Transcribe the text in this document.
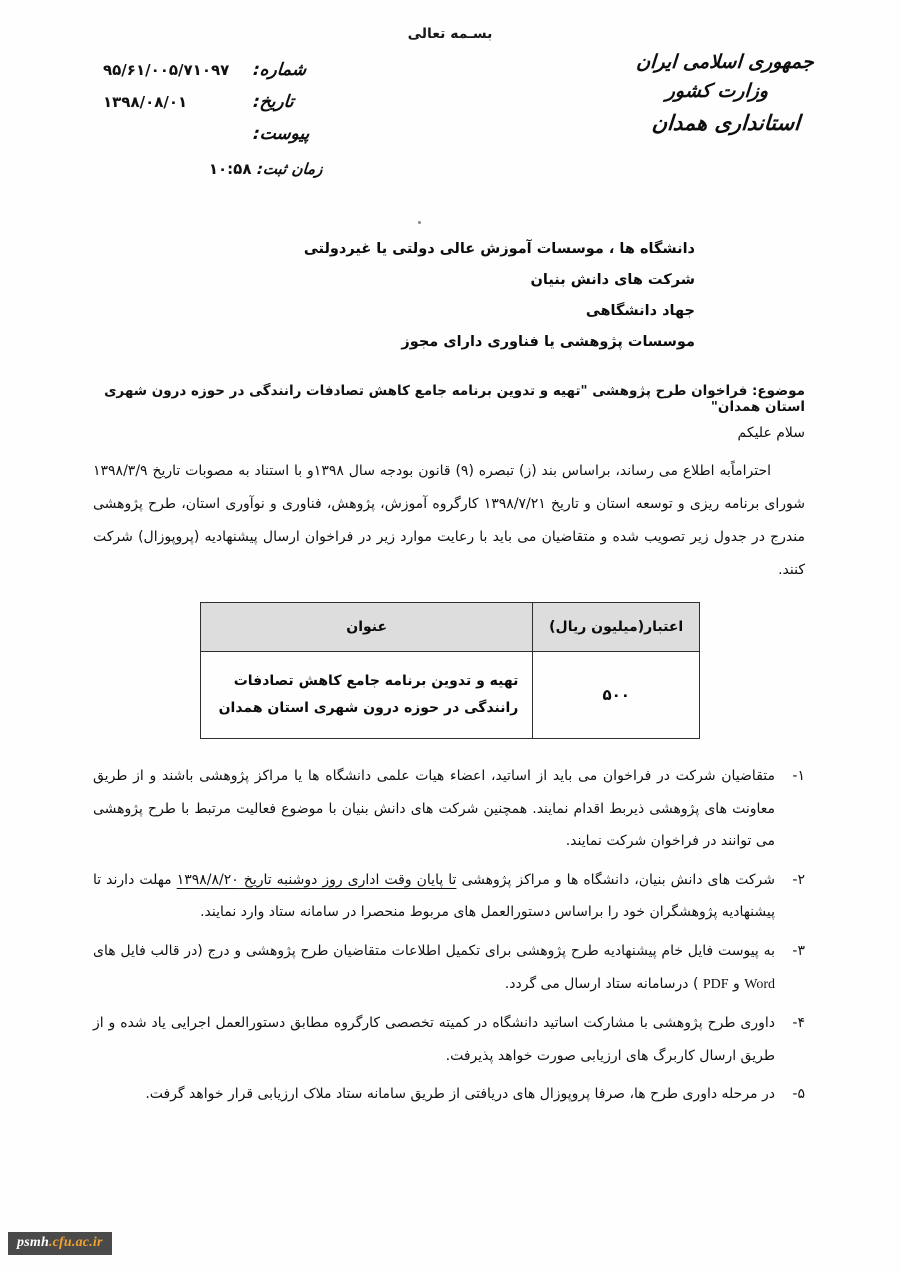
بسـمه تعالی
جمهوری اسلامی ایران
وزارت کشور
استانداری همدان
شماره:
۹۵/۶۱/۰۰۵/۷۱۰۹۷
تاریخ:
۱۳۹۸/۰۸/۰۱
پیوست:
زمان ثبت:
۱۰:۵۸
دانشگاه ها ، موسسات آموزش عالی دولتی یا غیردولتی
شرکت های دانش بنیان
جهاد دانشگاهی
موسسات پژوهشی یا فناوری دارای مجوز
موضوع: فراخوان طرح پژوهشی "تهیه و تدوین برنامه جامع کاهش تصادفات رانندگی در حوزه درون شهری استان همدان"
سلام علیکم
احتراماًبه اطلاع می رساند، براساس بند (ز) تبصره (۹) قانون بودجه سال ۱۳۹۸و با استناد به مصوبات تاریخ ۱۳۹۸/۳/۹ شورای برنامه ریزی و توسعه استان و تاریخ ۱۳۹۸/۷/۲۱ کارگروه آموزش، پژوهش، فناوری و نوآوری استان، طرح پژوهشی مندرج در جدول زیر تصویب شده و متقاضیان می باید با رعایت موارد زیر در فراخوان ارسال پیشنهادیه (پروپوزال) شرکت کنند.
اعتبار(میلیون ریال)	عنوان
۵۰۰	تهیه و تدوین برنامه جامع کاهش تصادفات رانندگی در حوزه درون شهری استان همدان
۱-
متقاضیان شرکت در فراخوان می باید از اساتید، اعضاء هیات علمی دانشگاه ها یا مراکز پژوهشی باشند و از طریق معاونت های پژوهشی ذیربط اقدام نمایند. همچنین شرکت های دانش بنیان با موضوع فعالیت مرتبط با طرح پژوهشی می توانند در فراخوان شرکت نمایند.
۲-
شرکت های دانش بنیان، دانشگاه ها و مراکز پژوهشی تا پایان وقت اداری روز دوشنبه تاریخ ۱۳۹۸/۸/۲۰ مهلت دارند تا پیشنهادیه پژوهشگران خود را براساس دستورالعمل های مربوط منحصرا در سامانه ستاد وارد نمایند.
۳-
به پیوست فایل خام پیشنهادیه طرح پژوهشی برای تکمیل اطلاعات متقاضیان طرح پژوهشی و درج (در قالب فایل های Word و PDF ) درسامانه ستاد ارسال می گردد.
۴-
داوری طرح پژوهشی با مشارکت اساتید دانشگاه در کمیته تخصصی کارگروه مطابق دستورالعمل اجرایی یاد شده و از طریق ارسال کاربرگ های ارزیابی صورت خواهد پذیرفت.
۵-
در مرحله داوری طرح ها، صرفا پروپوزال های دریافتی از طریق سامانه ستاد ملاک ارزیابی قرار خواهد گرفت.
psmh.cfu.ac.ir
